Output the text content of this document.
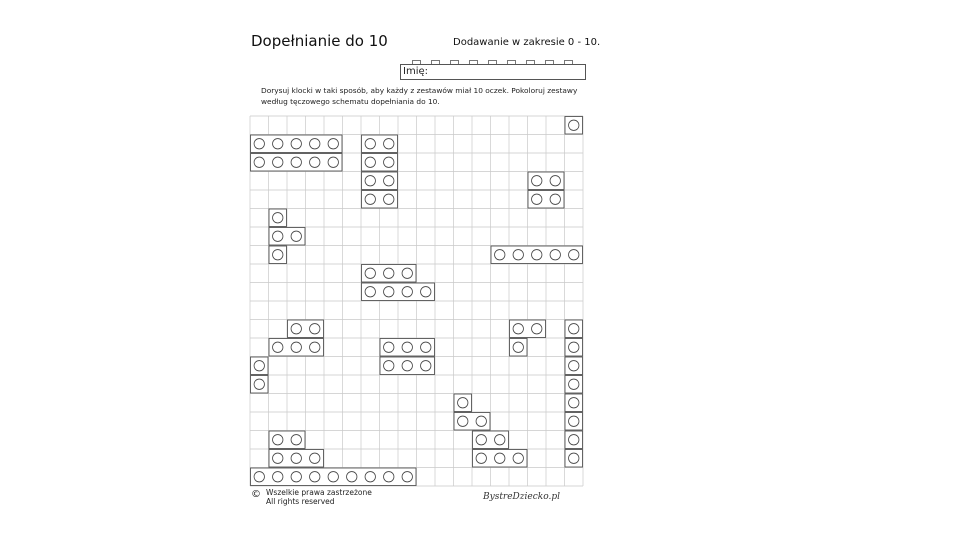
Dopełnianie do 10	Dodawanie w zakresie 0 - 10.
Imię:
Dorysuj klocki w taki sposób, aby każdy z zestawów miał 10 oczek. Pokoloruj zestawy według tęczowego schematu dopełniania do 10.
© Wszelkie prawa zastrzeżone
All rights reserved	BystreDziecko.pl
